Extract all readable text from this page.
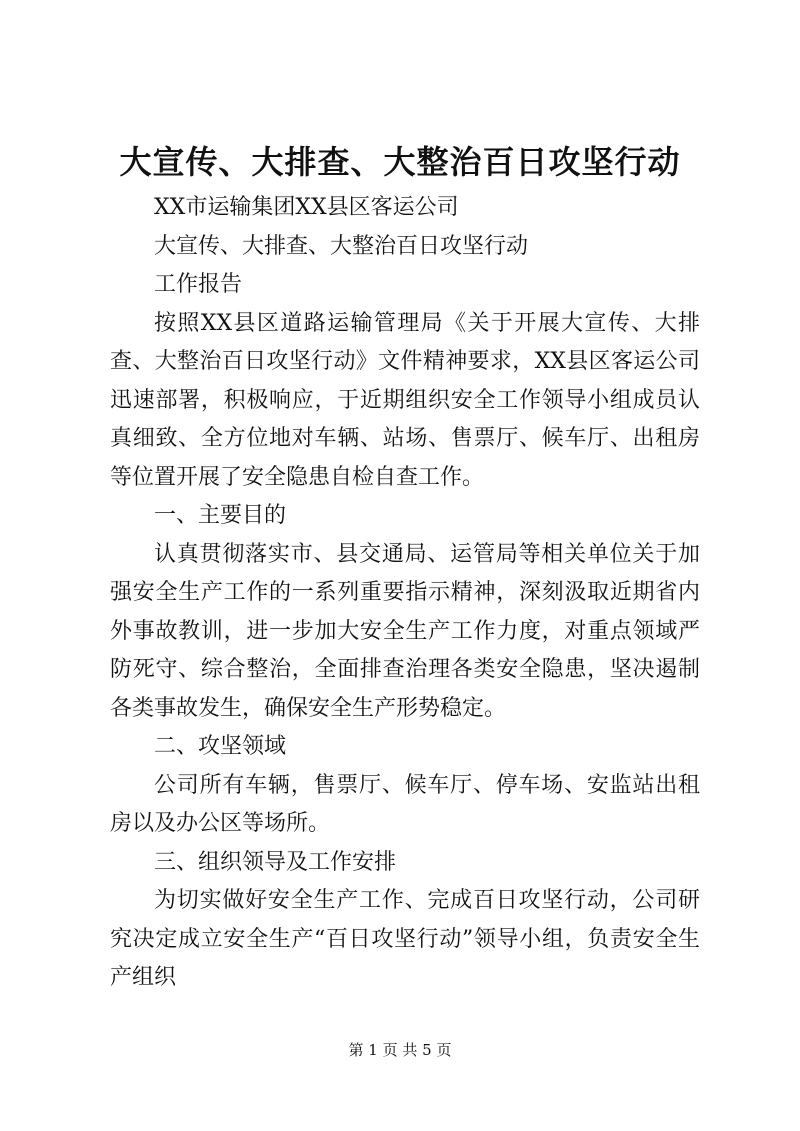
大宣传、大排查、大整治百日攻坚行动

XX市运输集团XX县区客运公司

大宣传、大排查、大整治百日攻坚行动

工作报告

按照XX县区道路运输管理局《关于开展大宣传、大排查、大整治百日攻坚行动》文件精神要求，XX县区客运公司迅速部署，积极响应，于近期组织安全工作领导小组成员认真细致、全方位地对车辆、站场、售票厅、候车厅、出租房等位置开展了安全隐患自检自查工作。

一、主要目的

认真贯彻落实市、县交通局、运管局等相关单位关于加强安全生产工作的一系列重要指示精神，深刻汲取近期省内外事故教训，进一步加大安全生产工作力度，对重点领域严防死守、综合整治，全面排查治理各类安全隐患，坚决遏制各类事故发生，确保安全生产形势稳定。

二、攻坚领域

公司所有车辆，售票厅、候车厅、停车场、安监站出租房以及办公区等场所。

三、组织领导及工作安排

为切实做好安全生产工作、完成百日攻坚行动，公司研究决定成立安全生产“百日攻坚行动”领导小组，负责安全生产组织

第 1 页 共 5 页
